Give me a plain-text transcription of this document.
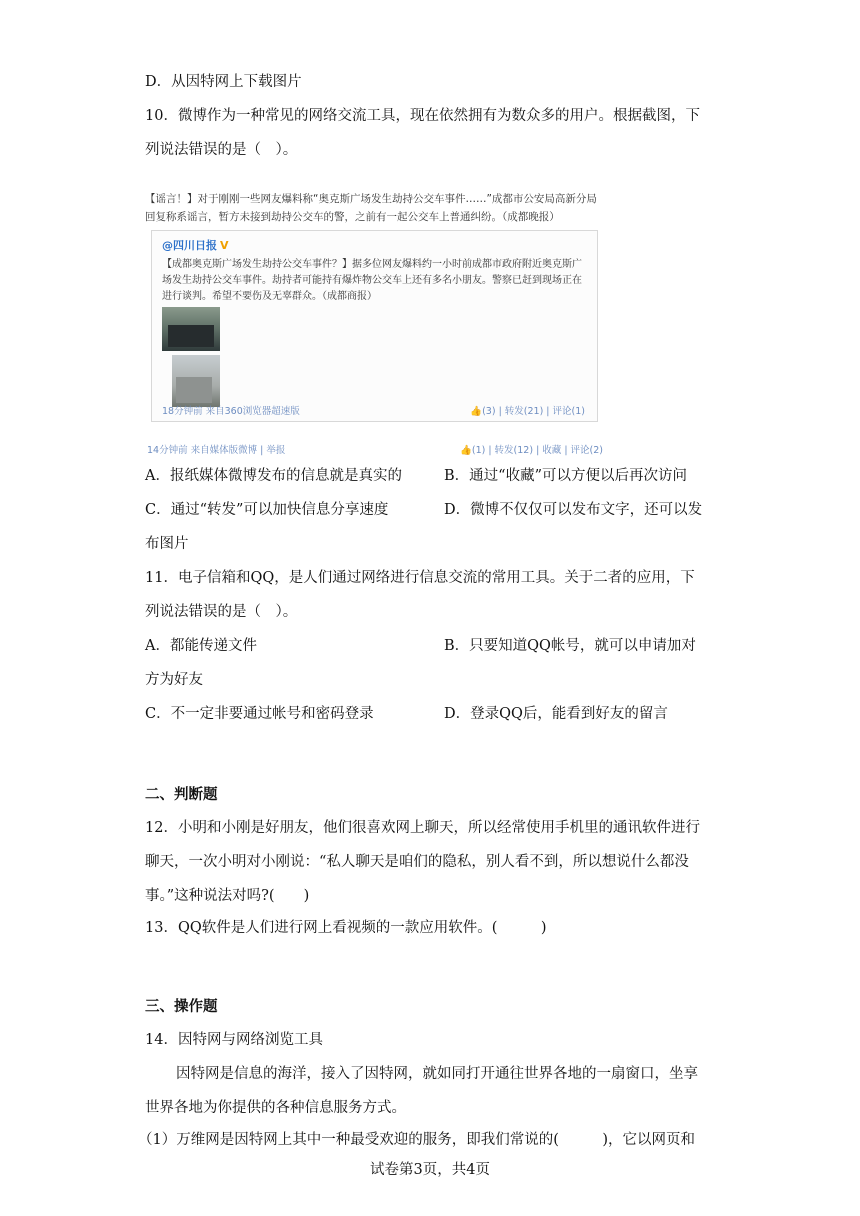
D．从因特网上下载图片
10．微博作为一种常见的网络交流工具，现在依然拥有为数众多的用户。根据截图，下
列说法错误的是（　）。
【谣言！】对于刚刚一些网友爆料称“奥克斯广场发生劫持公交车事件……”成都市公安局高新分局回复称系谣言，暂方未接到劫持公交车的警，之前有一起公交车上普通纠纷。（成都晚报）
@四川日报 V
【成都奥克斯广场发生劫持公交车事件？】据多位网友爆料约一小时前成都市政府附近奥克斯广场发生劫持公交车事件。劫持者可能持有爆炸物公交车上还有多名小朋友。警察已赶到现场正在进行谈判。希望不要伤及无辜群众。（成都商报）
18分钟前 来自360浏览器超速版	👍(3) | 转发(21) | 评论(1)
14分钟前 来自媒体版微博 | 举报	👍(1) | 转发(12) | 收藏 | 评论(2)
A．报纸媒体微博发布的信息就是真实的	B．通过“收藏”可以方便以后再次访问
C．通过“转发”可以加快信息分享速度	D．微博不仅仅可以发布文字，还可以发
布图片
11．电子信箱和QQ，是人们通过网络进行信息交流的常用工具。关于二者的应用，下
列说法错误的是（　）。
A．都能传递文件	B．只要知道QQ帐号，就可以申请加对
方为好友
C．不一定非要通过帐号和密码登录	D．登录QQ后，能看到好友的留言
二、判断题
12．小明和小刚是好朋友，他们很喜欢网上聊天，所以经常使用手机里的通讯软件进行
聊天，一次小明对小刚说：“私人聊天是咱们的隐私，别人看不到，所以想说什么都没
事。”这种说法对吗?(　　)
13．QQ软件是人们进行网上看视频的一款应用软件。(　　　)
三、操作题
14．因特网与网络浏览工具
因特网是信息的海洋，接入了因特网，就如同打开通往世界各地的一扇窗口，坐享
世界各地为你提供的各种信息服务方式。
（1）万维网是因特网上其中一种最受欢迎的服务，即我们常说的(　　　)，它以网页和
试卷第3页，共4页
